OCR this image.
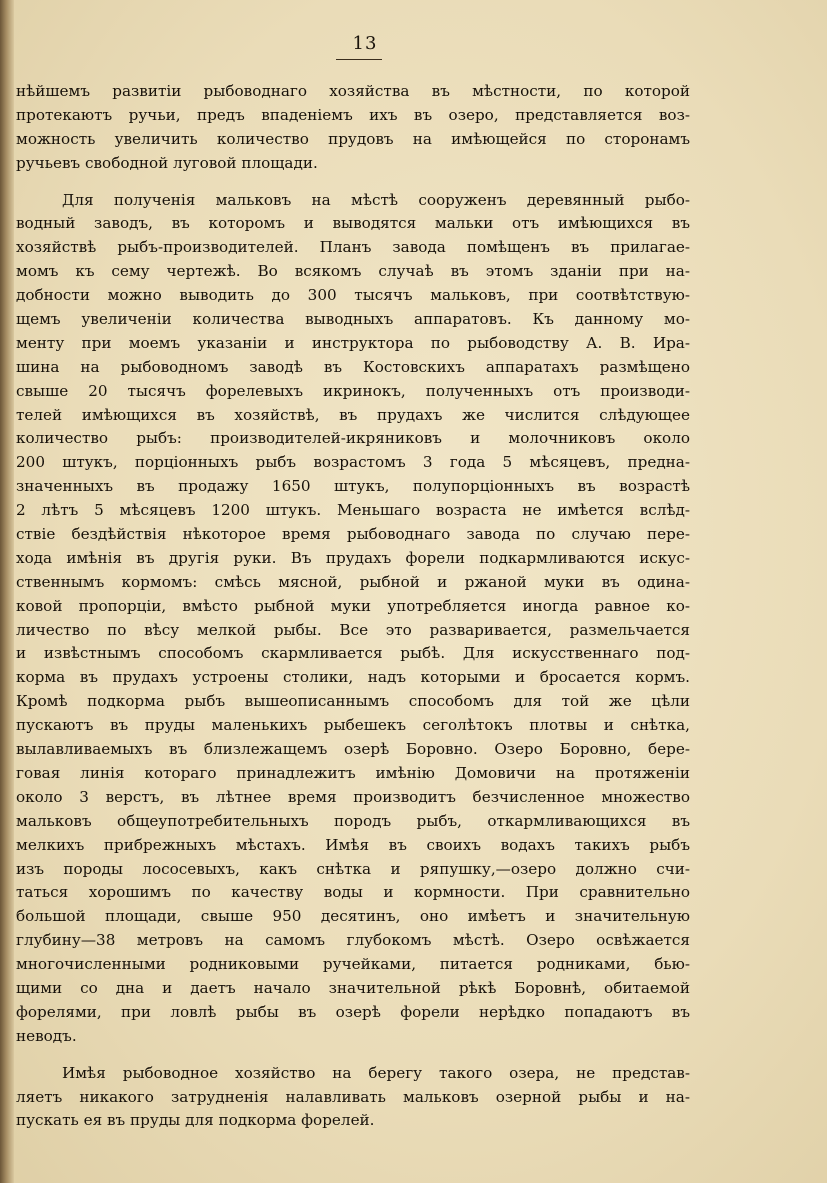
13
нѣйшемъ развитіи рыбоводнаго хозяйства въ мѣстности, по которой
протекаютъ ручьи, предъ впаденіемъ ихъ въ озеро, представляется воз-
можность увеличить количество прудовъ на имѣющейся по сторонамъ
ручьевъ свободной луговой площади.
Для полученія мальковъ на мѣстѣ сооруженъ деревянный рыбо-
водный заводъ, въ которомъ и выводятся мальки отъ имѣющихся въ
хозяйствѣ рыбъ-производителей. Планъ завода помѣщенъ въ прилагае-
момъ къ сему чертежѣ. Во всякомъ случаѣ въ этомъ зданіи при на-
добности можно выводить до 300 тысячъ мальковъ, при соотвѣтствую-
щемъ увеличеніи количества выводныхъ аппаратовъ. Къ данному мо-
менту при моемъ указаніи и инструктора по рыбоводству А. В. Ира-
шина на рыбоводномъ заводѣ въ Костовскихъ аппаратахъ размѣщено
свыше 20 тысячъ форелевыхъ икринокъ, полученныхъ отъ производи-
телей имѣющихся въ хозяйствѣ, въ прудахъ же числится слѣдующее
количество рыбъ: производителей-икряниковъ и молочниковъ около
200 штукъ, порціонныхъ рыбъ возрастомъ 3 года 5 мѣсяцевъ, предна-
значенныхъ въ продажу 1650 штукъ, полупорціонныхъ въ возрастѣ
2 лѣтъ 5 мѣсяцевъ 1200 штукъ. Меньшаго возраста не имѣется вслѣд-
ствіе бездѣйствія нѣкоторое время рыбоводнаго завода по случаю пере-
хода имѣнія въ другія руки. Въ прудахъ форели подкармливаются искус-
ственнымъ кормомъ: смѣсь мясной, рыбной и ржаной муки въ одина-
ковой пропорціи, вмѣсто рыбной муки употребляется иногда равное ко-
личество по вѣсу мелкой рыбы. Все это разваривается, размельчается
и извѣстнымъ способомъ скармливается рыбѣ. Для искусственнаго под-
корма въ прудахъ устроены столики, надъ которыми и бросается кормъ.
Кромѣ подкорма рыбъ вышеописаннымъ способомъ для той же цѣли
пускаютъ въ пруды маленькихъ рыбешекъ сеголѣтокъ плотвы и снѣтка,
вылавливаемыхъ въ близлежащемъ озерѣ Боровно. Озеро Боровно, бере-
говая линія котораго принадлежитъ имѣнію Домовичи на протяженіи
около 3 верстъ, въ лѣтнее время производитъ безчисленное множество
мальковъ общеупотребительныхъ породъ рыбъ, откармливающихся въ
мелкихъ прибрежныхъ мѣстахъ. Имѣя въ своихъ водахъ такихъ рыбъ
изъ породы лососевыхъ, какъ снѣтка и ряпушку,—озеро должно счи-
таться хорошимъ по качеству воды и кормности. При сравнительно
большой площади, свыше 950 десятинъ, оно имѣетъ и значительную
глубину—38 метровъ на самомъ глубокомъ мѣстѣ. Озеро освѣжается
многочисленными родниковыми ручейками, питается родниками, бью-
щими со дна и даетъ начало значительной рѣкѣ Боровнѣ, обитаемой
форелями, при ловлѣ рыбы въ озерѣ форели нерѣдко попадаютъ въ
неводъ.
Имѣя рыбоводное хозяйство на берегу такого озера, не представ-
ляетъ никакого затрудненія налавливать мальковъ озерной рыбы и на-
пускать ея въ пруды для подкорма форелей.
